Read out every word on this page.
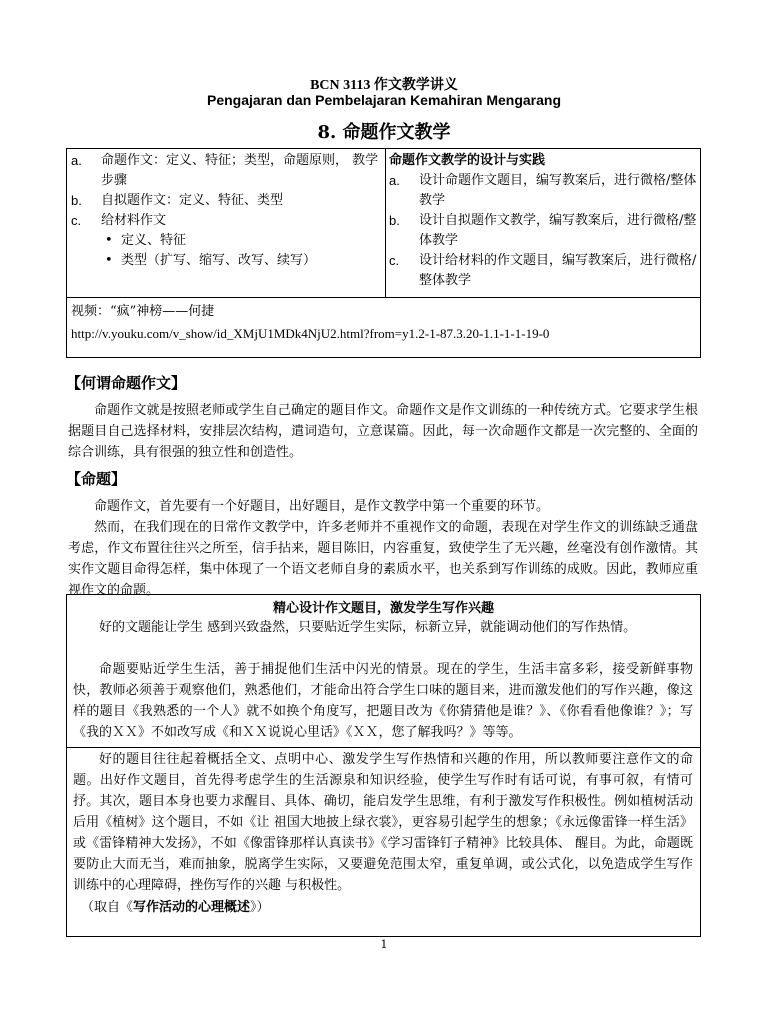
BCN 3113 作文教学讲义
Pengajaran dan Pembelajaran Kemahiran Mengarang
8. 命题作文教学
a. 命题作文：定义、特征；类型，命题原则， 教学步骤
b. 自拟题作文：定义、特征、类型
c. 给材料作文
• 定义、特征
• 类型（扩写、缩写、改写、续写）
命题作文教学的设计与实践
a. 设计命题作文题目，编写教案后，进行微格/整体教学
b. 设计自拟题作文教学，编写教案后，进行微格/整体教学
c. 设计给材料的作文题目，编写教案后，进行微格/整体教学
视频：“疯”神榜——何捷
http://v.youku.com/v_show/id_XMjU1MDk4NjU2.html?from=y1.2-1-87.3.20-1.1-1-1-19-0
【何谓命题作文】
命题作文就是按照老师或学生自己确定的题目作文。命题作文是作文训练的一种传统方式。它要求学生根据题目自己选择材料，安排层次结构，遣词造句，立意谋篇。因此，每一次命题作文都是一次完整的、全面的综合训练，具有很强的独立性和创造性。
【命题】
命题作文，首先要有一个好题目，出好题目，是作文教学中第一个重要的环节。
然而，在我们现在的日常作文教学中，许多老师并不重视作文的命题，表现在对学生作文的训练缺乏通盘考虑，作文布置往往兴之所至，信手拈来，题目陈旧，内容重复，致使学生了无兴趣，丝毫没有创作激情。其实作文题目命得怎样，集中体现了一个语文老师自身的素质水平，也关系到写作训练的成败。因此，教师应重视作文的命题。
精心设计作文题目，激发学生写作兴趣
好的文题能让学生 感到兴致盎然，只要贴近学生实际，标新立异，就能调动他们的写作热情。
命题要贴近学生生活，善于捕捉他们生活中闪光的情景。现在的学生，生活丰富多彩，接受新鲜事物快，教师必须善于观察他们，熟悉他们，才能命出符合学生口味的题目来，进而激发他们的写作兴趣，像这样的题目《我熟悉的一个人》就不如换个角度写，把题目改为《你猜猜他是谁？》、《你看看他像谁？》；写《我的ＸＸ》不如改写成《和ＸＸ说说心里话》《ＸＸ，您了解我吗？》等等。
好的题目往往起着概括全文、点明中心、激发学生写作热情和兴趣的作用，所以教师要注意作文的命题。出好作文题目，首先得考虑学生的生活源泉和知识经验，使学生写作时有话可说，有事可叙，有情可抒。其次，题目本身也要力求醒目、具体、确切，能启发学生思维，有利于激发写作积极性。例如植树活动后用《植树》这个题目，不如《让 祖国大地披上绿衣裳》，更容易引起学生的想象；《永远像雷锋一样生活》或《雷锋精神大发扬》，不如《像雷锋那样认真读书》《学习雷锋钉子精神》比较具体、 醒目。为此，命题既要防止大而无当，难而抽象，脱离学生实际，又要避免范围太窄，重复单调，或公式化，以免造成学生写作训练中的心理障碍，挫伤写作的兴趣 与积极性。
（取自《写作活动的心理概述》）
1
